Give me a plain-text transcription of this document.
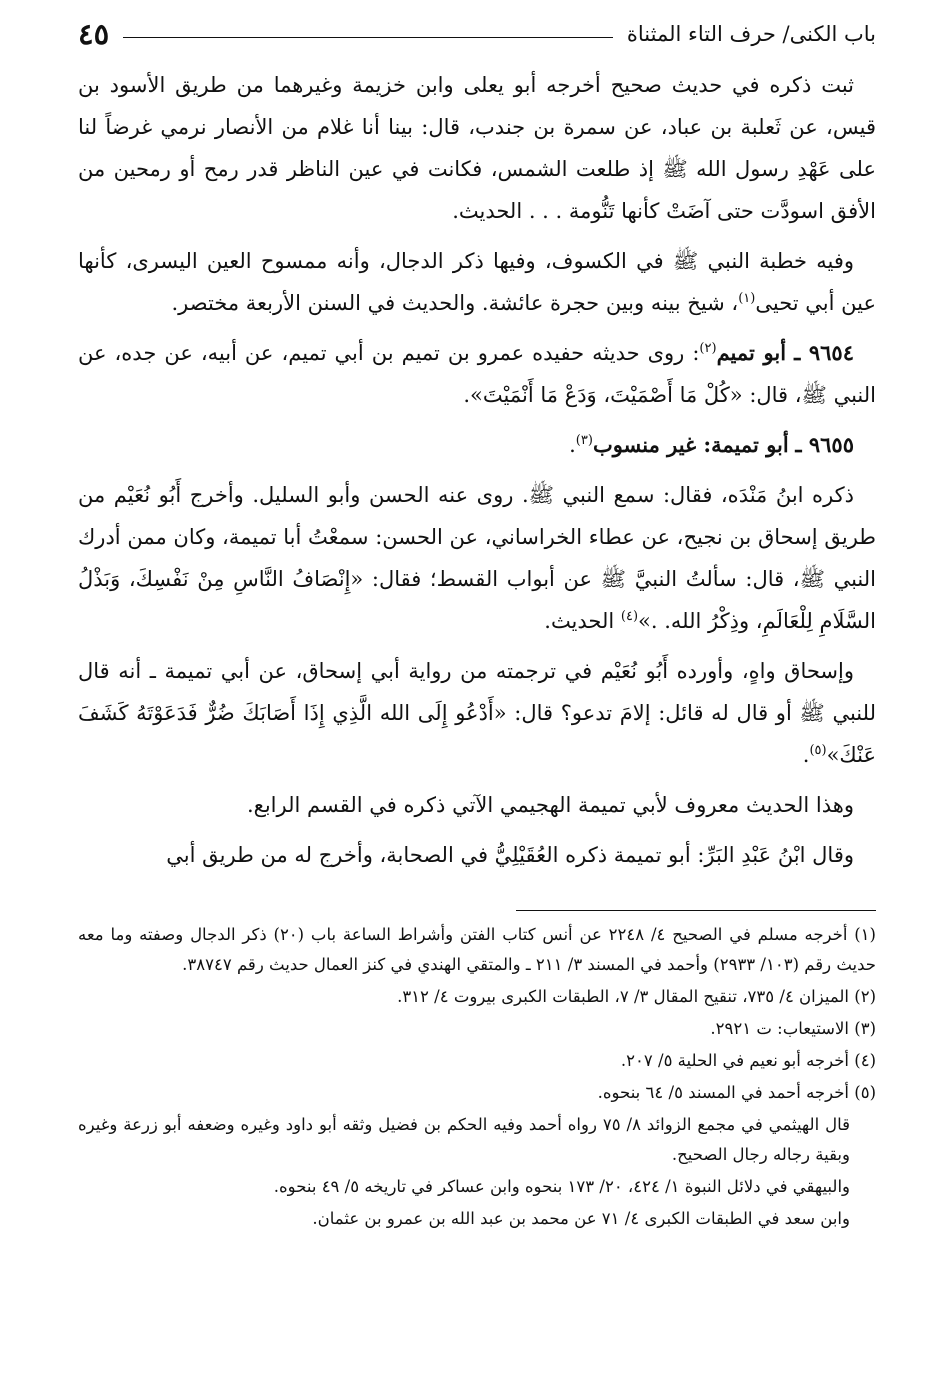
باب الكنى/ حرف التاء المثناة
٤٥

ثبت ذكره في حديث صحيح أخرجه أبو يعلى وابن خزيمة وغيرهما من طريق الأسود بن قيس، عن ثَعلبة بن عباد، عن سمرة بن جندب، قال: بينا أنا غلام من الأنصار نرمي غرضاً لنا على عَهْدِ رسول الله ﷺ إذ طلعت الشمس، فكانت في عين الناظر قدر رمح أو رمحين من الأفق اسودَّت حتى آضَتْ كأنها تَنُّومة . . . الحديث.

وفيه خطبة النبي ﷺ في الكسوف، وفيها ذكر الدجال، وأنه ممسوح العين اليسرى، كأنها عين أبي تحيى$^{(١)}$، شيخ بينه وبين حجرة عائشة. والحديث في السنن الأربعة مختصر.

٩٦٥٤ ـ أبو تميم$^{(٢)}$: روى حديثه حفيده عمرو بن تميم بن أبي تميم، عن أبيه، عن جده، عن النبي ﷺ، قال: «كُلْ مَا أَصْمَيْتَ، وَدَعْ مَا أَنْمَيْتَ».

٩٦٥٥ ـ أبو تميمة: غير منسوب$^{(٣)}$.

ذكره ابنُ مَنْدَه، فقال: سمع النبي ﷺ. روى عنه الحسن وأبو السليل. وأخرج أَبُو نُعَيْم من طريق إسحاق بن نجيح، عن عطاء الخراساني، عن الحسن: سمعْتُ أبا تميمة، وكان ممن أدرك النبي ﷺ، قال: سألتُ النبيَّ ﷺ عن أبواب القسط؛ فقال: «إِنْصَافُ النَّاسِ مِنْ نَفْسِكَ، وَبَذْلُ السَّلَامِ لِلْعَالَمِ، وذِكْرُ الله. .»$^{(٤)}$ الحديث.

وإسحاق واهٍ، وأورده أَبُو نُعَيْم في ترجمته من رواية أبي إسحاق، عن أبي تميمة ـ أنه قال للنبي ﷺ أو قال له قائل: إلامَ تدعو؟ قال: «أَدْعُو إِلَى الله الَّذِي إِذَا أَصَابَكَ ضُرٌّ فَدَعَوْتَهُ كَشَفَ عَنْكَ»$^{(٥)}$.

وهذا الحديث معروف لأبي تميمة الهجيمي الآتي ذكره في القسم الرابع.

وقال ابْنُ عَبْدِ البَرِّ: أبو تميمة ذكره العُقَيْلِيُّ في الصحابة، وأخرج له من طريق أبي

(١) أخرجه مسلم في الصحيح ٤/ ٢٢٤٨ عن أنس كتاب الفتن وأشراط الساعة باب (٢٠) ذكر الدجال وصفته وما معه حديث رقم (١٠٣/ ٢٩٣٣) وأحمد في المسند ٣/ ٢١١ ـ والمتقي الهندي في كنز العمال حديث رقم ٣٨٧٤٧.

(٢) الميزان ٤/ ٧٣٥، تنقيح المقال ٣/ ٧، الطبقات الكبرى بيروت ٤/ ٣١٢.

(٣) الاستيعاب: ت ٢٩٢١.

(٤) أخرجه أبو نعيم في الحلية ٥/ ٢٠٧.

(٥) أخرجه أحمد في المسند ٥/ ٦٤ بنحوه.

قال الهيثمي في مجمع الزوائد ٨/ ٧٥ رواه أحمد وفيه الحكم بن فضيل وثقه أبو داود وغيره وضعفه أبو زرعة وغيره وبقية رجاله رجال الصحيح.

والبيهقي في دلائل النبوة ١/ ٤٢٤، ٢٠/ ١٧٣ بنحوه وابن عساكر في تاريخه ٥/ ٤٩ بنحوه.

وابن سعد في الطبقات الكبرى ٤/ ٧١ عن محمد بن عبد الله بن عمرو بن عثمان.
